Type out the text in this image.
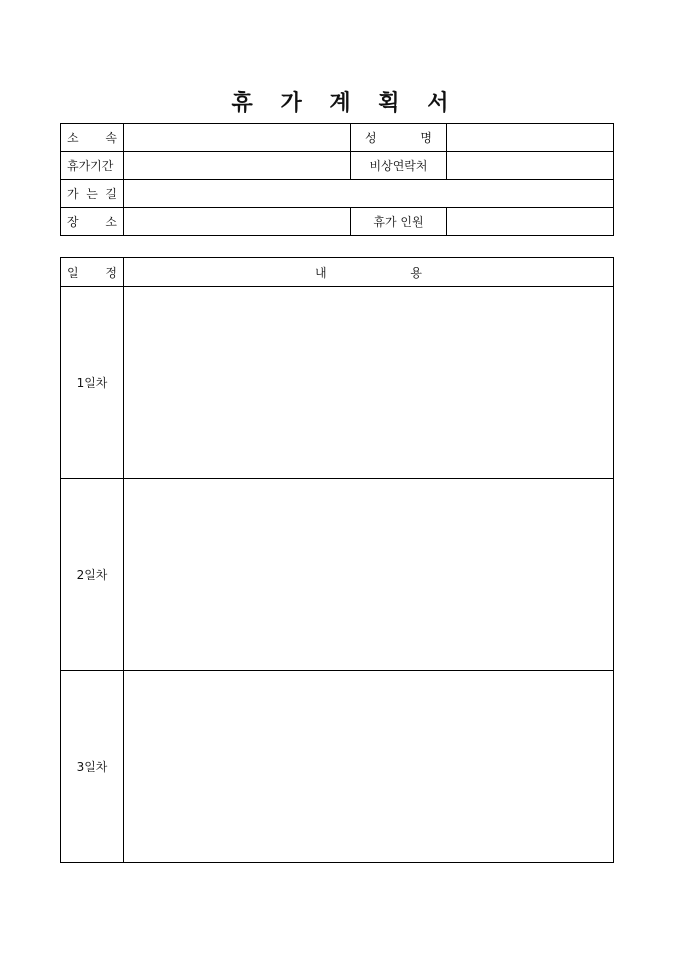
휴 가 계 획 서
소 속		성 명	
휴가기간		비상연락처	
가 는 길			
장 소		휴가 인원	
일 정	내 용
1일차	
2일차	
3일차	
